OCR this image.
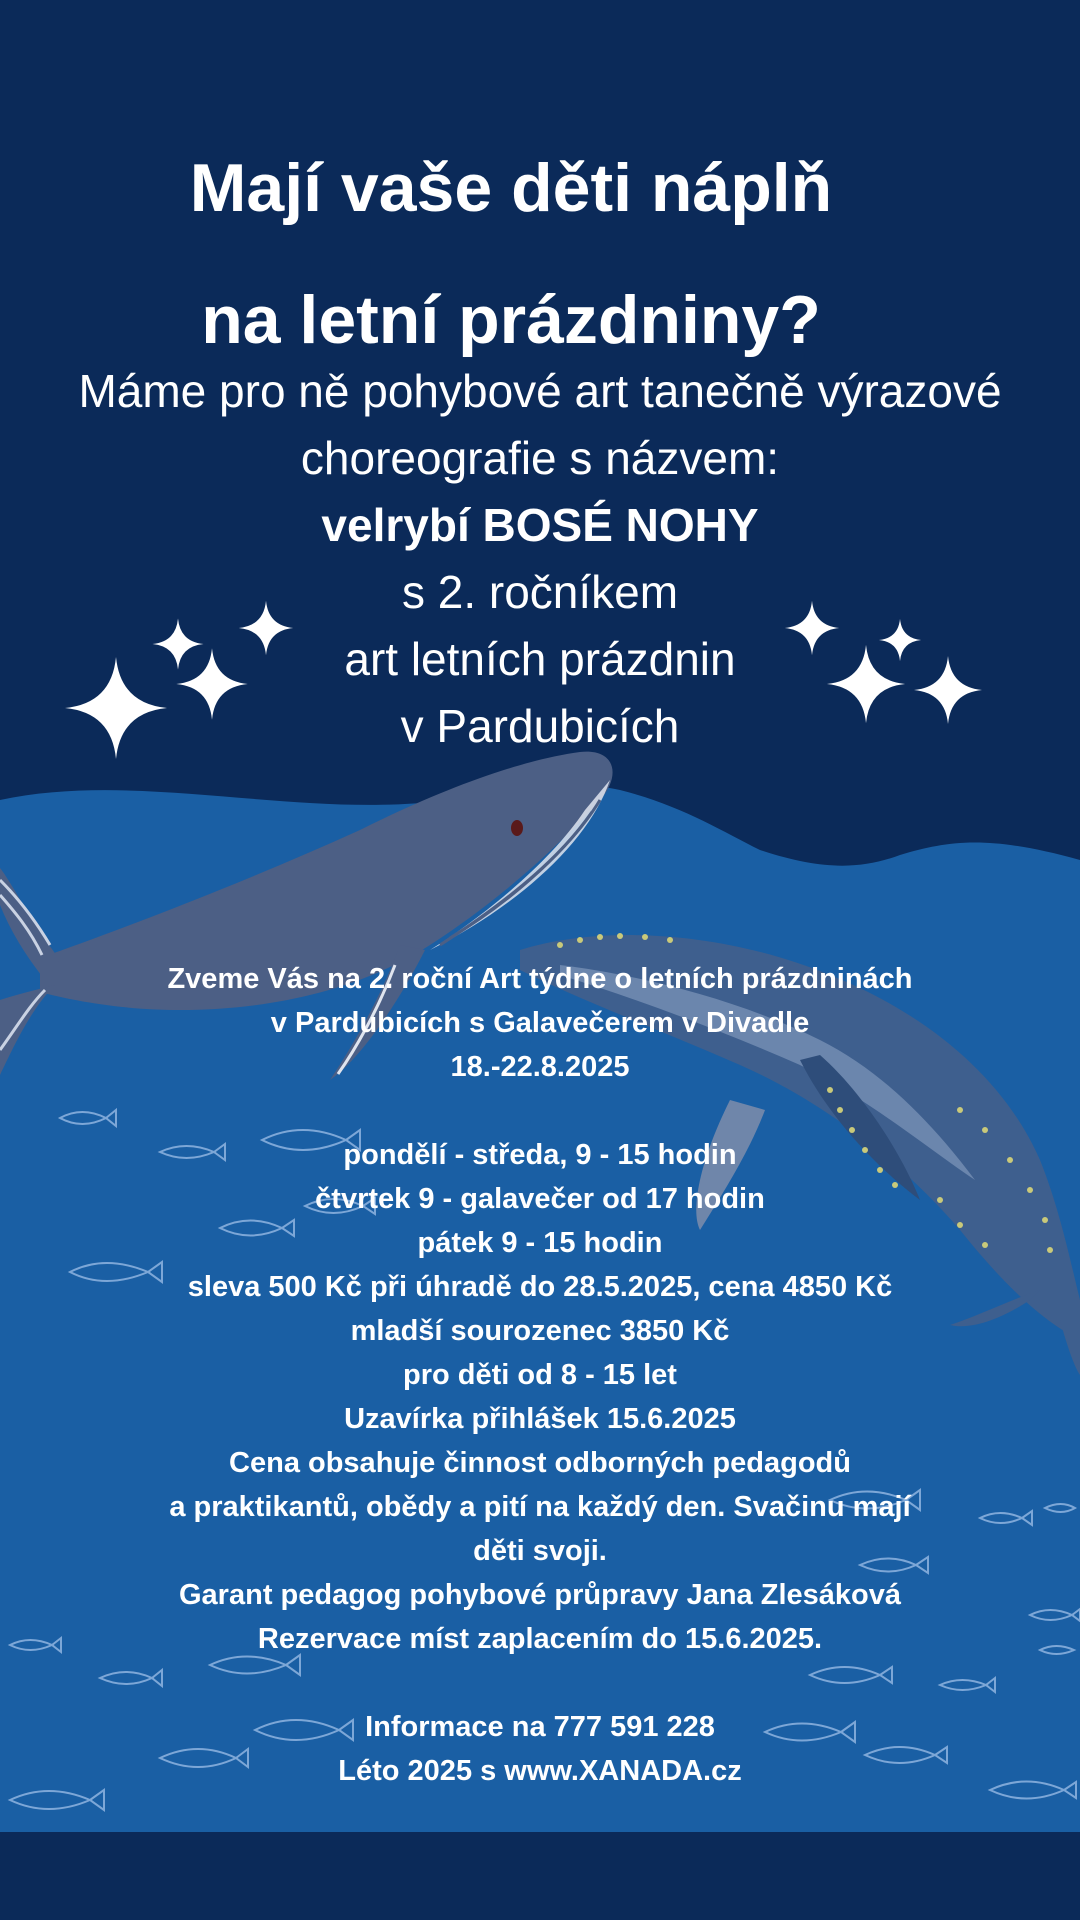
Mají vaše děti náplň
na letní prázdniny?
Máme pro ně pohybové art tanečně výrazové
choreografie s názvem:
velrybí BOSÉ NOHY
s 2. ročníkem
art letních prázdnin
v Pardubicích
Zveme Vás na 2. roční Art týdne o letních prázdninách
v Pardubicích s Galavečerem v Divadle
18.-22.8.2025
pondělí - středa, 9 - 15 hodin
čtvrtek 9 - galavečer od 17 hodin
pátek 9 - 15 hodin
sleva 500 Kč při úhradě do 28.5.2025, cena 4850 Kč
mladší sourozenec 3850 Kč
pro děti od 8 - 15 let
Uzavírka přihlášek 15.6.2025
Cena obsahuje činnost odborných pedagodů
a praktikantů, obědy a pití na každý den. Svačinu mají
děti svoji.
Garant pedagog pohybové průpravy Jana Zlesáková
Rezervace míst zaplacením do 15.6.2025.
Informace na 777 591 228
Léto 2025 s www.XANADA.cz
